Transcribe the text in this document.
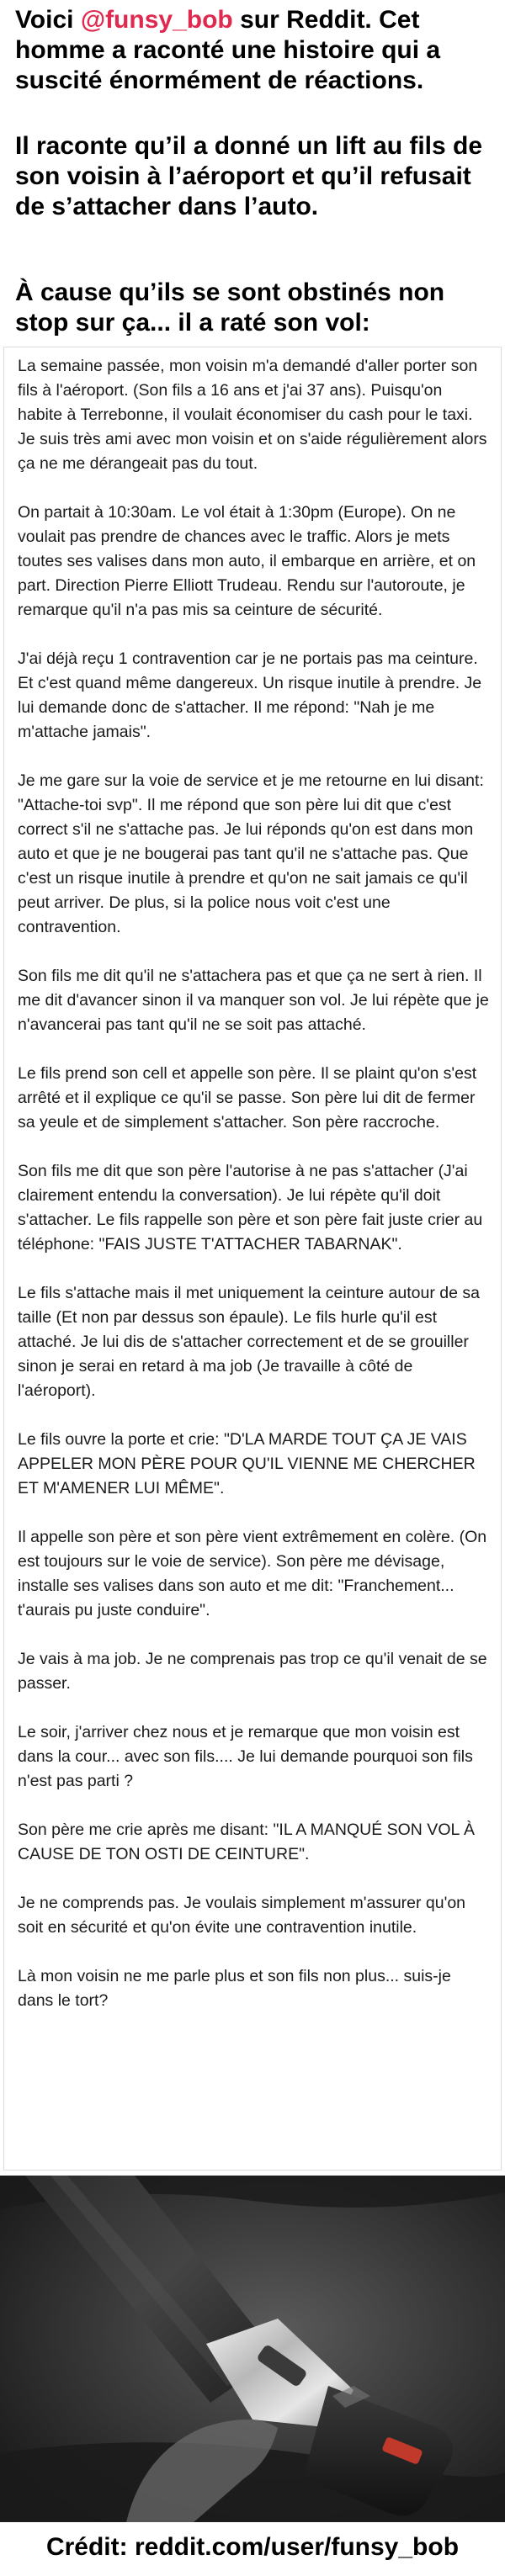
Voici @funsy_bob sur Reddit. Cet homme a raconté une histoire qui a suscité énormément de réactions.

Il raconte qu’il a donné un lift au fils de son voisin à l’aéroport et qu’il refusait de s’attacher dans l’auto.

À cause qu’ils se sont obstinés non stop sur ça... il a raté son vol:

La semaine passée, mon voisin m'a demandé d'aller porter son fils à l'aéroport. (Son fils a 16 ans et j'ai 37 ans). Puisqu'on habite à Terrebonne, il voulait économiser du cash pour le taxi. Je suis très ami avec mon voisin et on s'aide régulièrement alors ça ne me dérangeait pas du tout.

On partait à 10:30am. Le vol était à 1:30pm (Europe). On ne voulait pas prendre de chances avec le traffic. Alors je mets toutes ses valises dans mon auto, il embarque en arrière, et on part. Direction Pierre Elliott Trudeau. Rendu sur l'autoroute, je remarque qu'il n'a pas mis sa ceinture de sécurité.

J'ai déjà reçu 1 contravention car je ne portais pas ma ceinture. Et c'est quand même dangereux. Un risque inutile à prendre. Je lui demande donc de s'attacher. Il me répond: "Nah je me m'attache jamais".

Je me gare sur la voie de service et je me retourne en lui disant: "Attache-toi svp". Il me répond que son père lui dit que c'est correct s'il ne s'attache pas. Je lui réponds qu'on est dans mon auto et que je ne bougerai pas tant qu'il ne s'attache pas. Que c'est un risque inutile à prendre et qu'on ne sait jamais ce qu'il peut arriver. De plus, si la police nous voit c'est une contravention.

Son fils me dit qu'il ne s'attachera pas et que ça ne sert à rien. Il me dit d'avancer sinon il va manquer son vol. Je lui répète que je n'avancerai pas tant qu'il ne se soit pas attaché.

Le fils prend son cell et appelle son père. Il se plaint qu'on s'est arrêté et il explique ce qu'il se passe. Son père lui dit de fermer sa yeule et de simplement s'attacher. Son père raccroche.

Son fils me dit que son père l'autorise à ne pas s'attacher (J'ai clairement entendu la conversation). Je lui répète qu'il doit s'attacher. Le fils rappelle son père et son père fait juste crier au téléphone: "FAIS JUSTE T'ATTACHER TABARNAK".

Le fils s'attache mais il met uniquement la ceinture autour de sa taille (Et non par dessus son épaule). Le fils hurle qu'il est attaché. Je lui dis de s'attacher correctement et de se grouiller sinon je serai en retard à ma job (Je travaille à côté de l'aéroport).

Le fils ouvre la porte et crie: "D'LA MARDE TOUT ÇA JE VAIS APPELER MON PÈRE POUR QU'IL VIENNE ME CHERCHER ET M'AMENER LUI MÊME".

Il appelle son père et son père vient extrêmement en colère. (On est toujours sur le voie de service). Son père me dévisage, installe ses valises dans son auto et me dit: "Franchement... t'aurais pu juste conduire".

Je vais à ma job. Je ne comprenais pas trop ce qu'il venait de se passer.

Le soir, j'arriver chez nous et je remarque que mon voisin est dans la cour... avec son fils.... Je lui demande pourquoi son fils n'est pas parti ?

Son père me crie après me disant: "IL A MANQUÉ SON VOL À CAUSE DE TON OSTI DE CEINTURE".

Je ne comprends pas. Je voulais simplement m'assurer qu'on soit en sécurité et qu'on évite une contravention inutile.

Là mon voisin ne me parle plus et son fils non plus... suis-je dans le tort?

Crédit: reddit.com/user/funsy_bob
